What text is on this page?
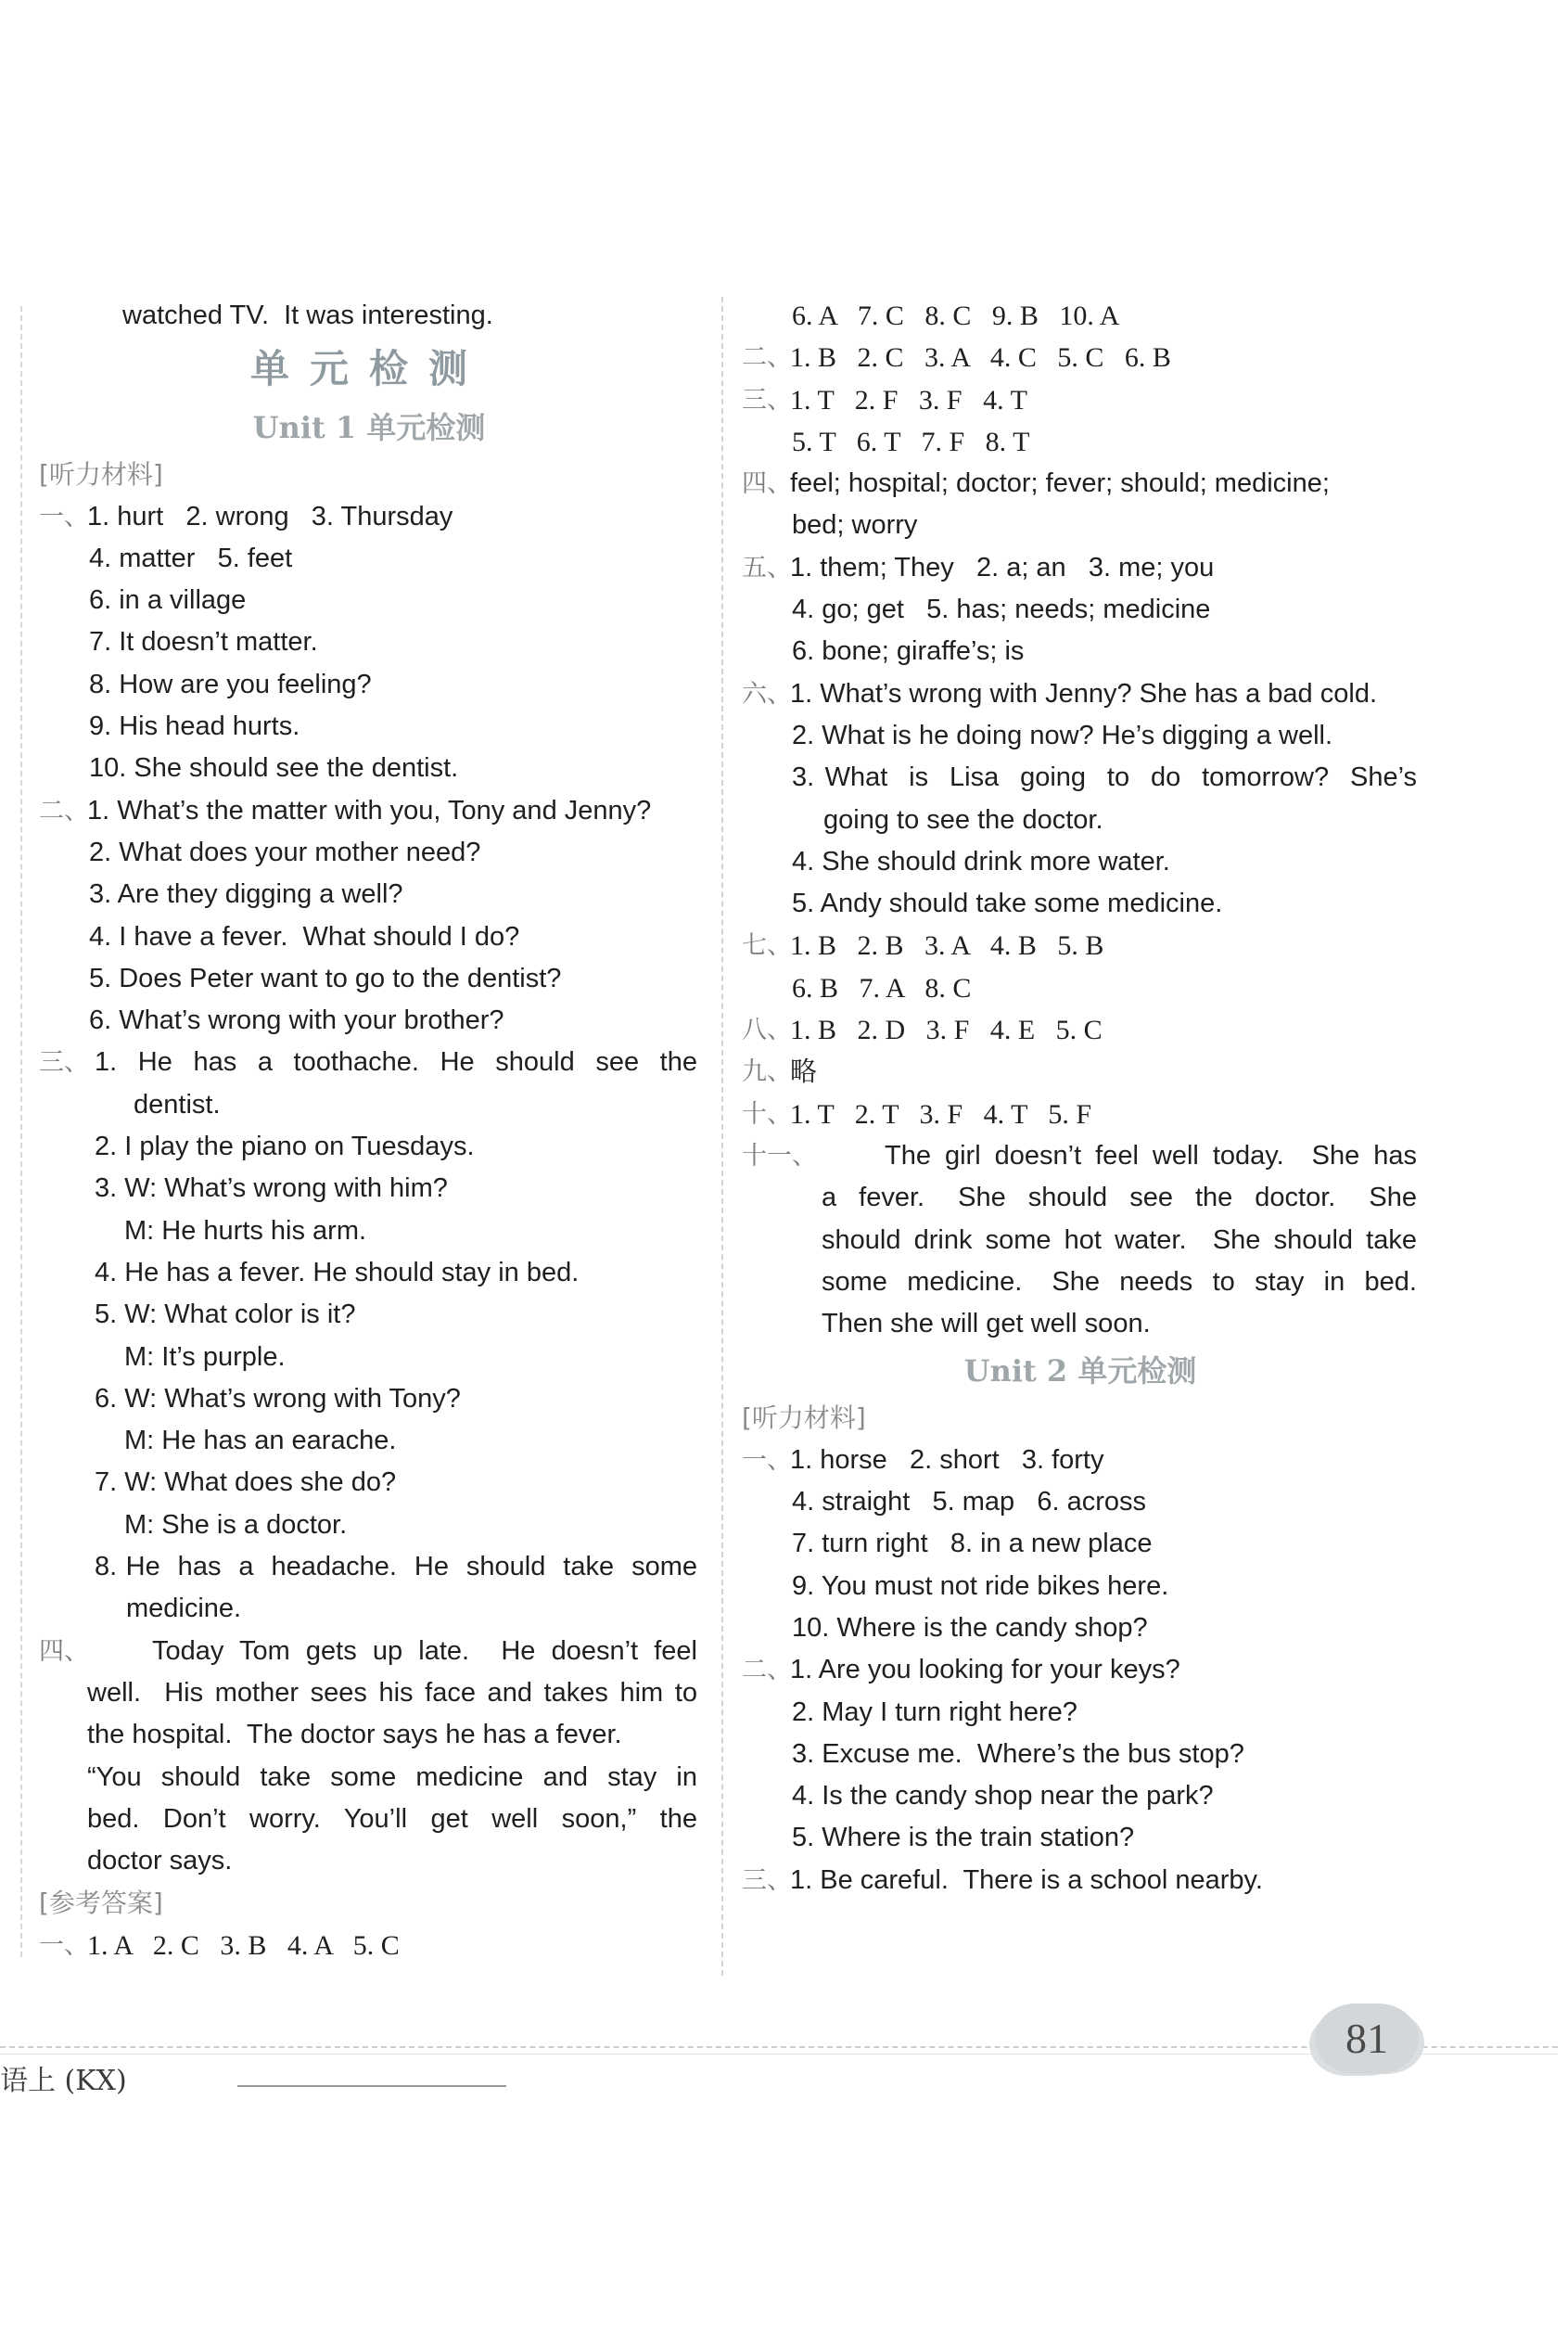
watched TV.  It was interesting.
单元检测
Unit 1 单元检测
[听力材料]
一、
1. hurt   2. wrong   3. Thursday
4. matter   5. feet
6. in a village
7. It doesn’t matter.
8. How are you feeling?
9. His head hurts.
10. She should see the dentist.
二、
1. What’s the matter with you, Tony and Jenny?
2. What does your mother need?
3. Are they digging a well?
4. I have a fever.  What should I do?
5. Does Peter want to go to the dentist?
6. What’s wrong with your brother?
三、 1.  He  has  a  toothache.  He  should  see  the
dentist.
2. I play the piano on Tuesdays.
3. W: What’s wrong with him?
M: He hurts his arm.
4. He has a fever. He should stay in bed.
5. W: What color is it?
M: It’s purple.
6. W: What’s wrong with Tony?
M: He has an earache.
7. W: What does she do?
M: She is a doctor.
8. He  has  a  headache.  He  should  take  some
medicine.
四、 Today Tom gets up late.  He doesn’t feel
well.  His mother sees his face and takes him to
the hospital.  The doctor says he has a fever.
“You  should  take  some  medicine  and  stay  in
bed.  Don’t  worry.  You’ll  get  well  soon,”  the
doctor says.
[参考答案]
一、
1. A   2. C   3. B   4. A   5. C
6. A   7. C   8. C   9. B   10. A
二、
1. B   2. C   3. A   4. C   5. C   6. B
三、
1. T   2. F   3. F   4. T
5. T   6. T   7. F   8. T
四、
feel; hospital; doctor; fever; should; medicine;
bed; worry
五、
1. them; They   2. a; an   3. me; you
4. go; get   5. has; needs; medicine
6. bone; giraffe’s; is
六、
1. What’s wrong with Jenny? She has a bad cold.
2. What is he doing now? He’s digging a well.
3. What  is  Lisa  going  to  do  tomorrow?  She’s
going to see the doctor.
4. She should drink more water.
5. Andy should take some medicine.
七、
1. B   2. B   3. A   4. B   5. B
6. B   7. A   8. C
八、
1. B   2. D   3. F   4. E   5. C
九、
略
十、
1. T   2. T   3. F   4. T   5. F
十一、	The girl doesn’t feel well today.  She has
a  fever.   She  should  see  the  doctor.   She
should drink some hot water.  She should take
some  medicine.   She  needs  to  stay  in  bed.
Then she will get well soon.
Unit 2 单元检测
[听力材料]
一、
1. horse   2. short   3. forty
4. straight   5. map   6. across
7. turn right   8. in a new place
9. You must not ride bikes here.
10. Where is the candy shop?
二、
1. Are you looking for your keys?
2. May I turn right here?
3. Excuse me.  Where’s the bus stop?
4. Is the candy shop near the park?
5. Where is the train station?
三、
1. Be careful.  There is a school nearby.
81
语上 (KX)
